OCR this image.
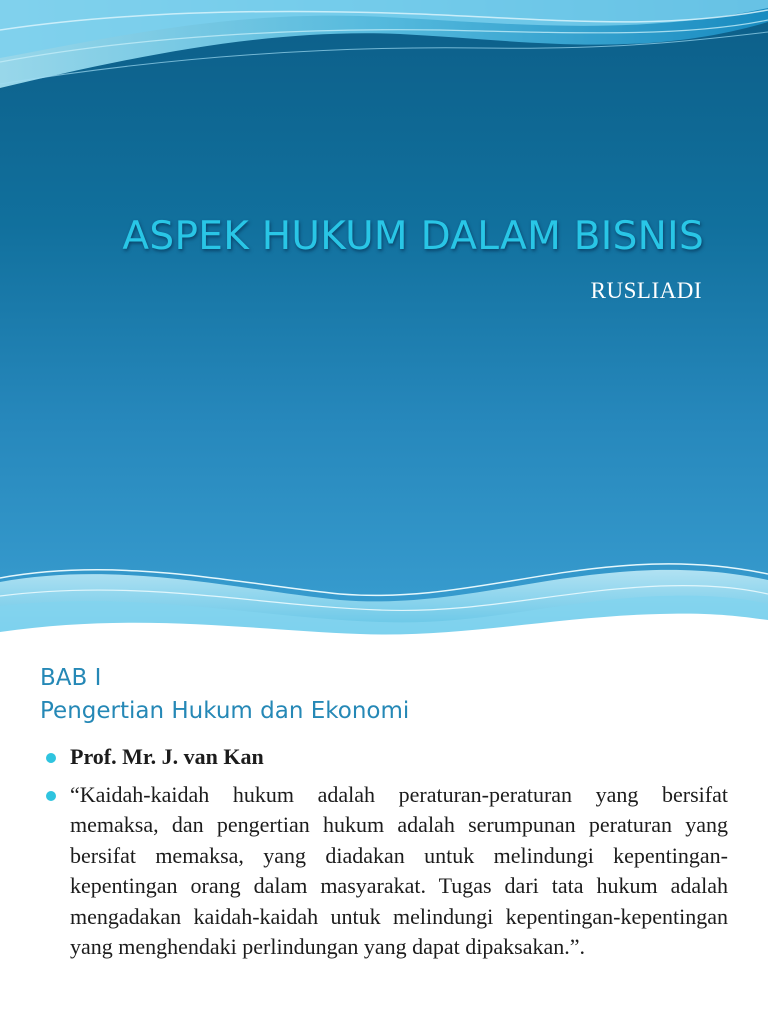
ASPEK HUKUM DALAM BISNIS

RUSLIADI

BAB I
Pengertian Hukum dan Ekonomi
Prof. Mr. J. van Kan
“Kaidah-kaidah hukum adalah peraturan-peraturan yang bersifat memaksa, dan pengertian hukum adalah serumpunan peraturan yang bersifat memaksa, yang diadakan untuk melindungi kepentingan-kepentingan orang dalam masyarakat. Tugas dari tata hukum adalah mengadakan kaidah-kaidah untuk melindungi kepentingan-kepentingan yang menghendaki perlindungan yang dapat dipaksakan.”.
